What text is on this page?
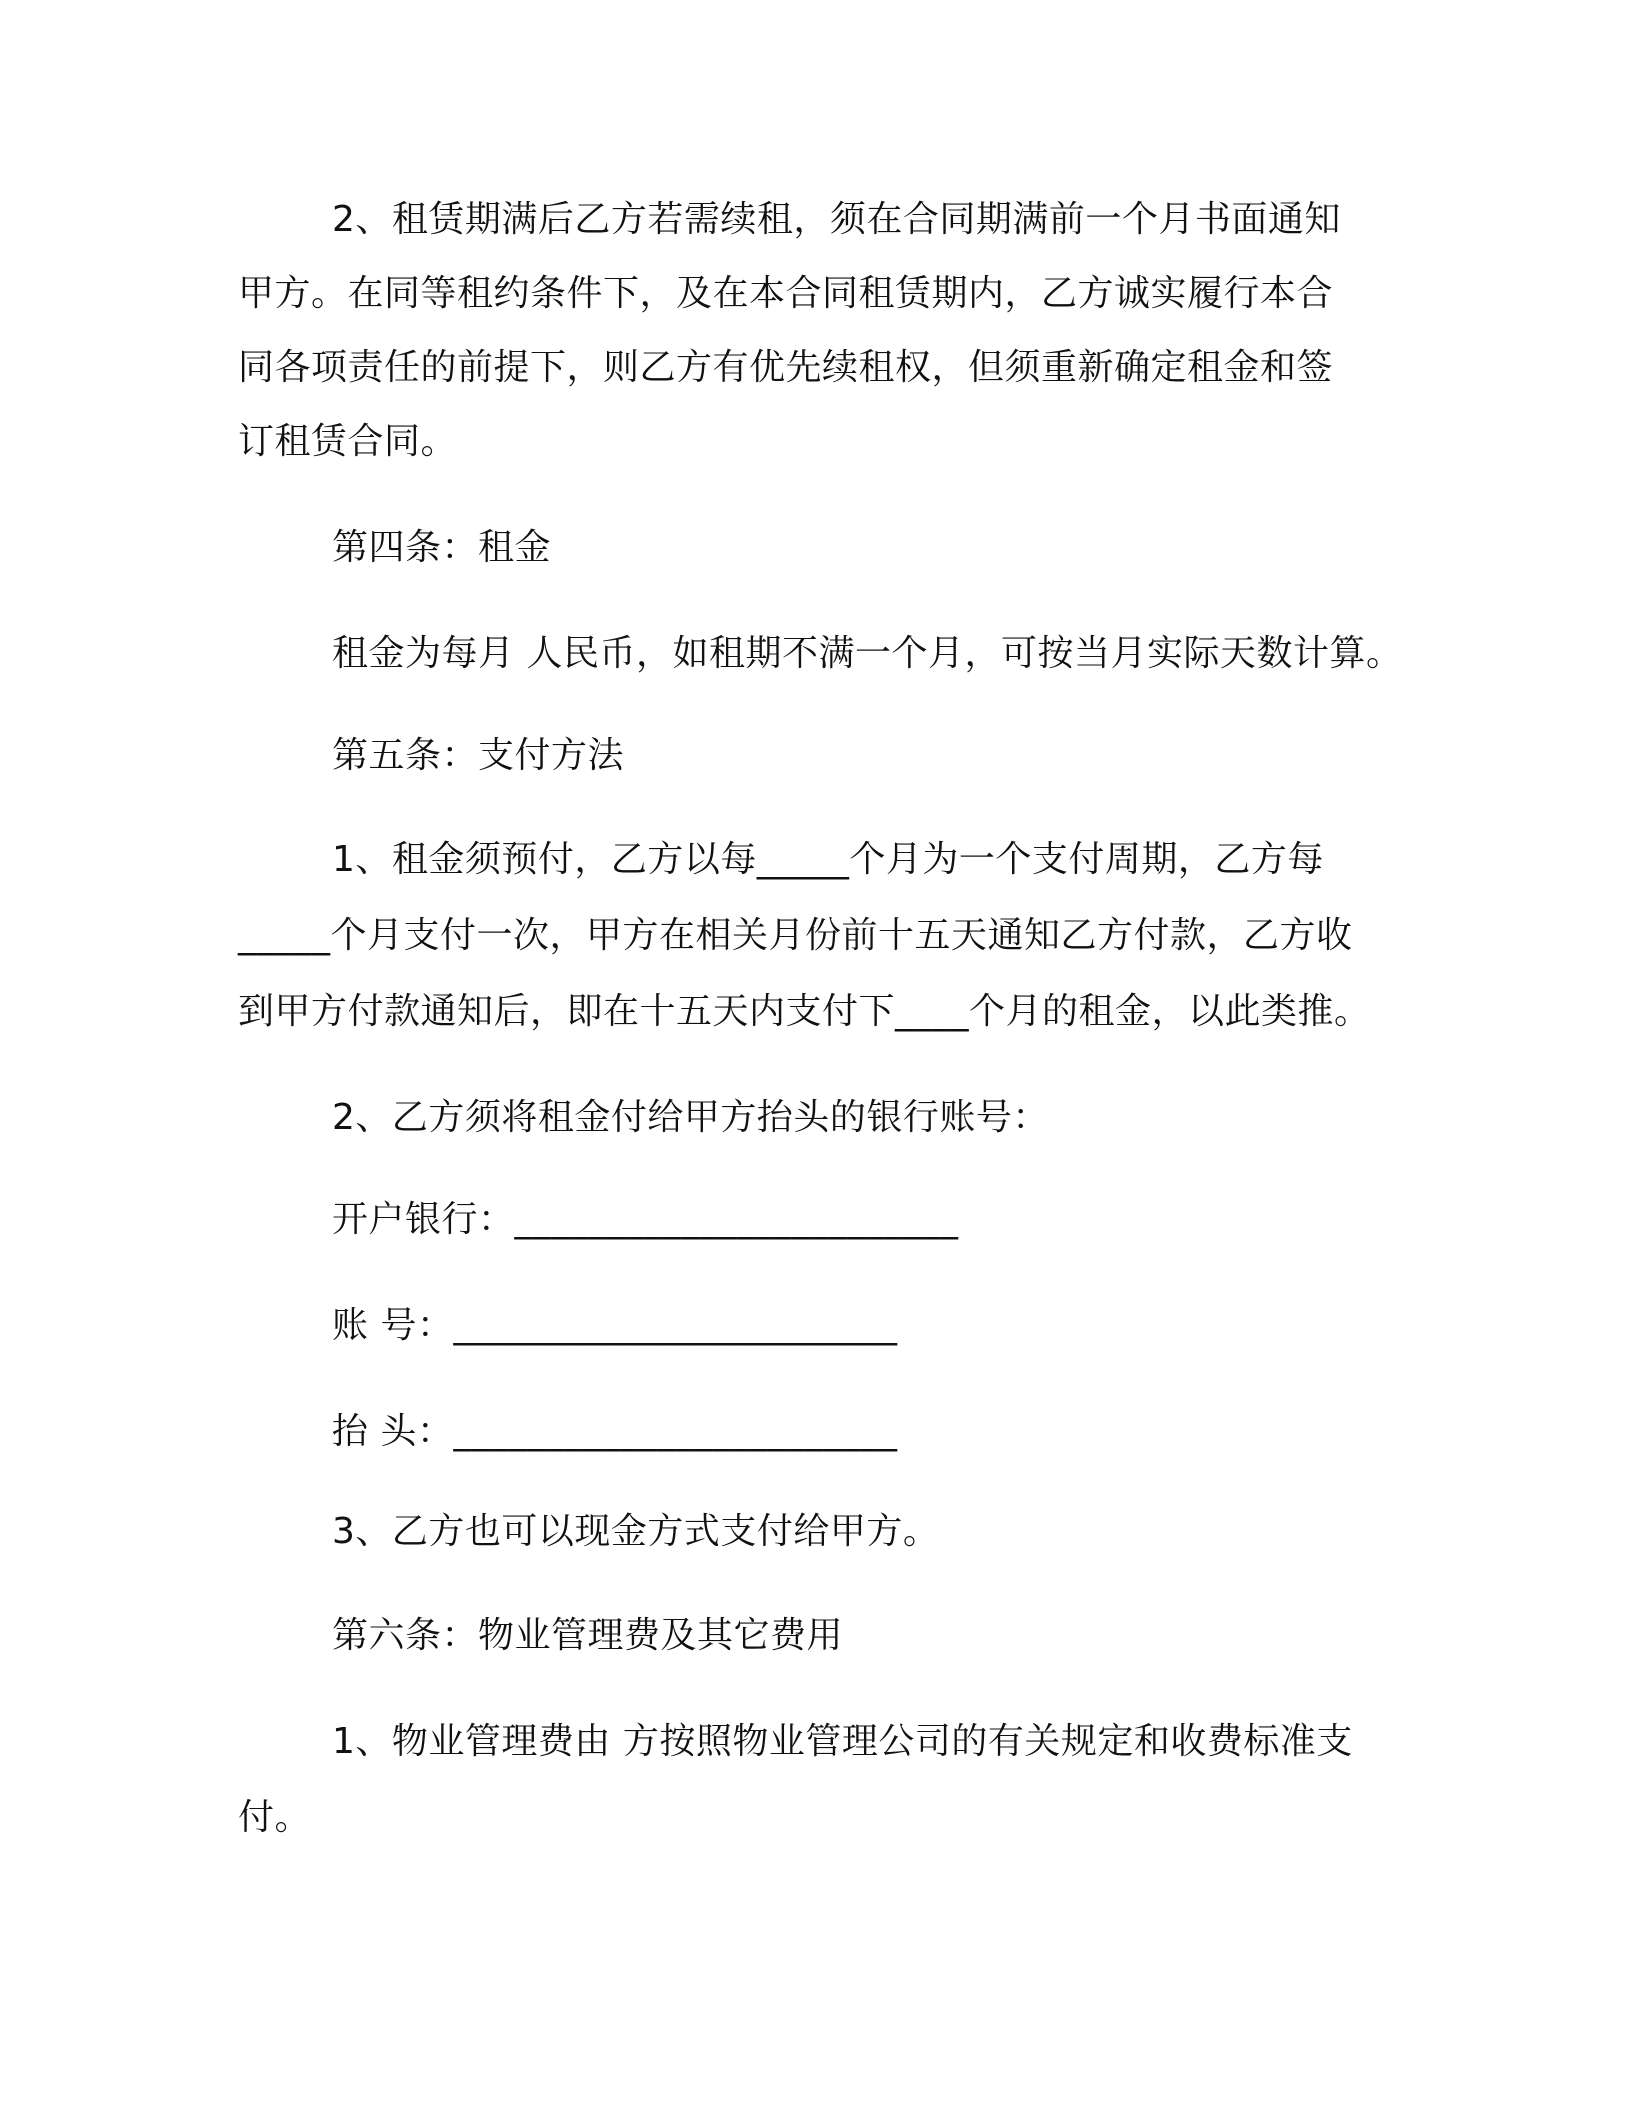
2、租赁期满后乙方若需续租，须在合同期满前一个月书面通知
甲方。在同等租约条件下，及在本合同租赁期内，乙方诚实履行本合
同各项责任的前提下，则乙方有优先续租权，但须重新确定租金和签
订租赁合同。
第四条：租金
租金为每月 人民币，如租期不满一个月，可按当月实际天数计算。
第五条：支付方法
1、租金须预付，乙方以每_____个月为一个支付周期，乙方每
_____个月支付一次，甲方在相关月份前十五天通知乙方付款，乙方收
到甲方付款通知后，即在十五天内支付下____个月的租金，以此类推。
2、乙方须将租金付给甲方抬头的银行账号：
开户银行：________________________
账 号：________________________
抬 头：________________________
3、乙方也可以现金方式支付给甲方。
第六条：物业管理费及其它费用
1、物业管理费由 方按照物业管理公司的有关规定和收费标准支
付。
